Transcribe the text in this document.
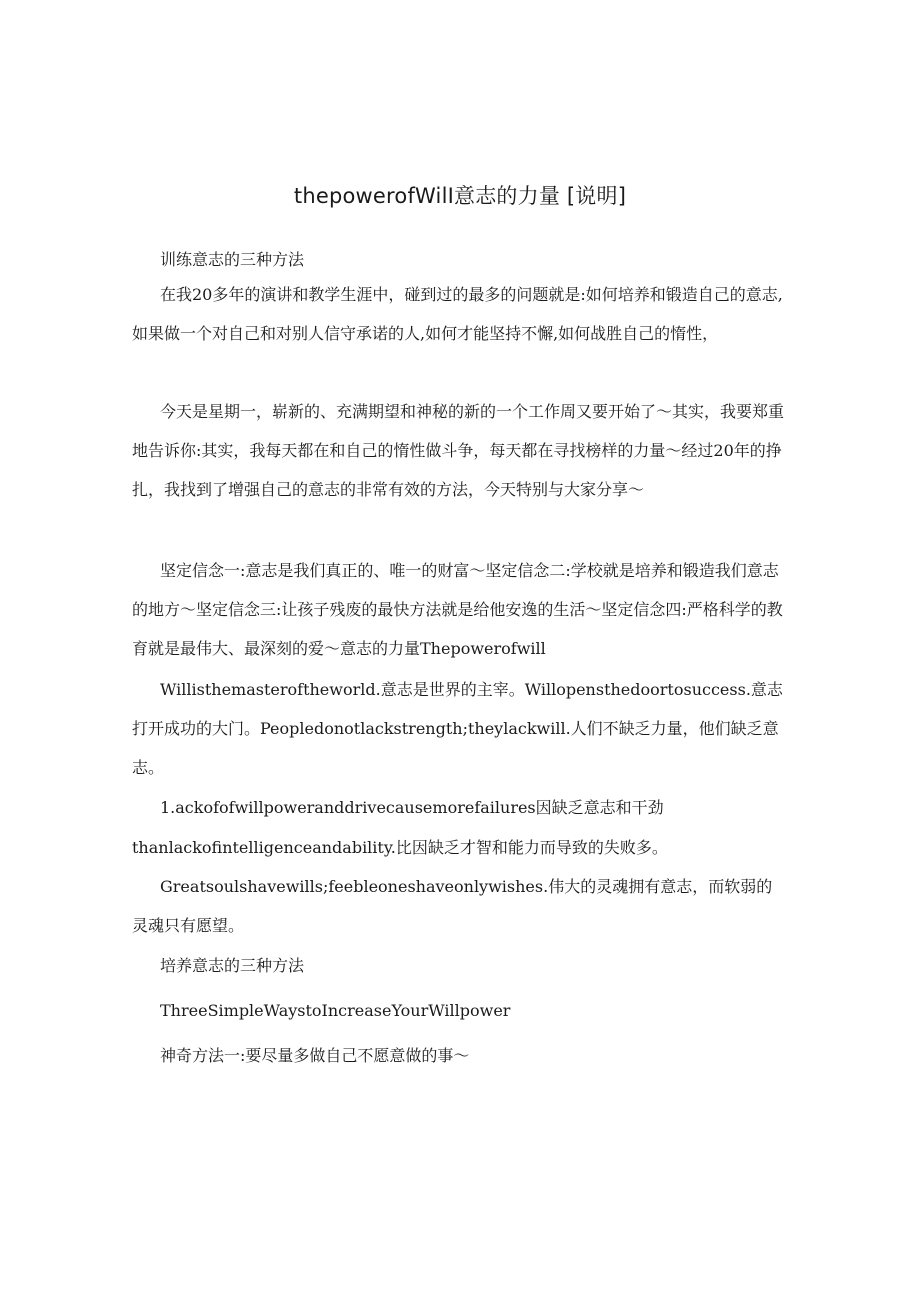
thepowerofWilI意志的力量 [说明]
训练意志的三种方法
在我20多年的演讲和教学生涯中，碰到过的最多的问题就是:如何培养和锻造自己的意志,如果做一个对自己和对别人信守承诺的人,如何才能坚持不懈,如何战胜自己的惰性，
今天是星期一，崭新的、充满期望和神秘的新的一个工作周又要开始了～其实，我要郑重地告诉你:其实，我每天都在和自己的惰性做斗争，每天都在寻找榜样的力量～经过20年的挣扎，我找到了增强自己的意志的非常有效的方法，今天特别与大家分享～
坚定信念一:意志是我们真正的、唯一的财富～坚定信念二:学校就是培养和锻造我们意志的地方～坚定信念三:让孩子残废的最快方法就是给他安逸的生活～坚定信念四:严格科学的教育就是最伟大、最深刻的爱～意志的力量Thepowerofwill
Willisthemasteroftheworld.意志是世界的主宰。Willopensthedoortosuccess.意志打开成功的大门。Peopledonotlackstrength;theylackwill.人们不缺乏力量，他们缺乏意志。
1.ackofofwillpoweranddrivecausemorefailures因缺乏意志和干劲
thanlackofintelligenceandability.比因缺乏才智和能力而导致的失败多。
Greatsoulshavewills;feebleoneshaveonlywishes.伟大的灵魂拥有意志，而软弱的灵魂只有愿望。
培养意志的三种方法
ThreeSimpleWaystoIncreaseYourWillpower
神奇方法一:要尽量多做自己不愿意做的事～
